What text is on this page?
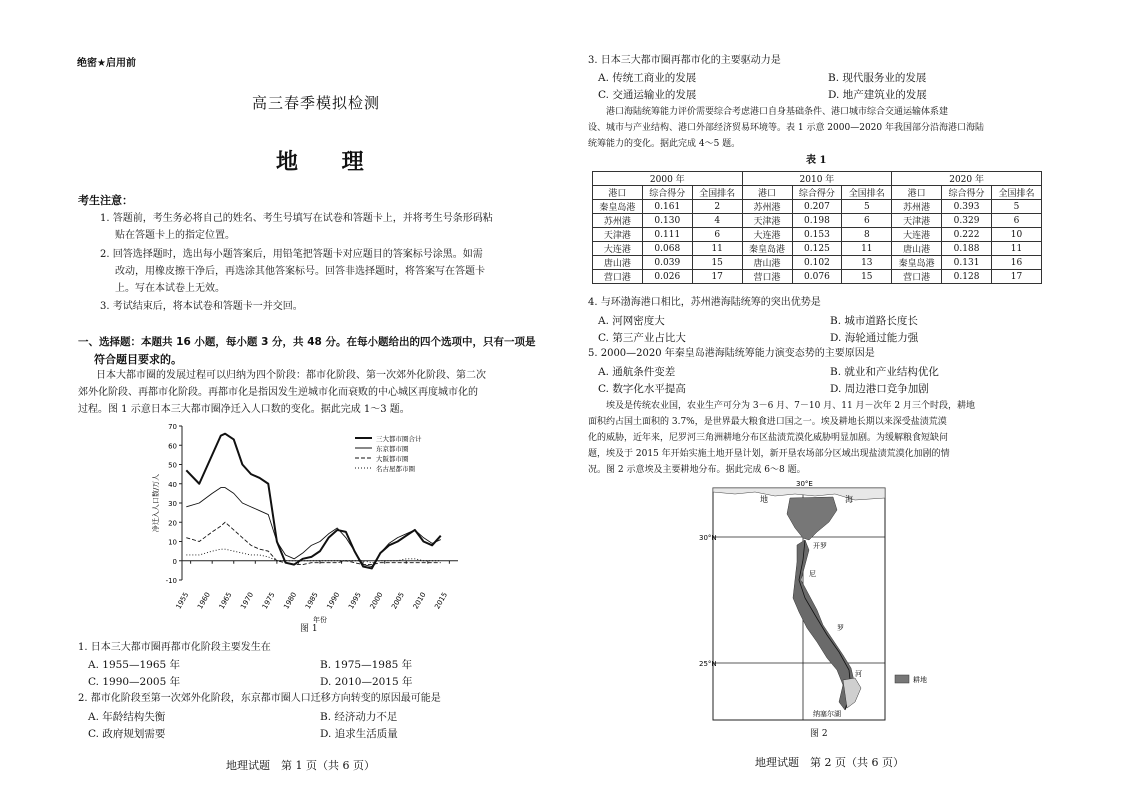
绝密★启用前
高三春季模拟检测
地 理
考生注意：
1. 答题前，考生务必将自己的姓名、考生号填写在试卷和答题卡上，并将考生号条形码粘
贴在答题卡上的指定位置。
2. 回答选择题时，选出每小题答案后，用铅笔把答题卡对应题目的答案标号涂黑。如需
改动，用橡皮擦干净后，再选涂其他答案标号。回答非选择题时，将答案写在答题卡
上。写在本试卷上无效。
3. 考试结束后，将本试卷和答题卡一并交回。
一、选择题：本题共 16 小题，每小题 3 分，共 48 分。在每小题给出的四个选项中，只有一项是
符合题目要求的。
日本大都市圈的发展过程可以归纳为四个阶段：都市化阶段、第一次郊外化阶段、第二次
郊外化阶段、再都市化阶段。再都市化是指因发生逆城市化而衰败的中心城区再度城市化的
过程。图 1 示意日本三大都市圈净迁入人口数的变化。据此完成 1～3 题。
-10
0
10
20
30
40
50
60
70
1955 1960 1965 1970 1975 1980 1985 1990 1995 2000 2005 2010 2015
年份
净迁入人口数/万人
三大都市圈合计
东京都市圈
大阪都市圈
名古屋都市圈
图 1
1. 日本三大都市圈再都市化阶段主要发生在
A. 1955—1965 年	B. 1975—1985 年
C. 1990—2005 年	D. 2010—2015 年
2. 都市化阶段至第一次郊外化阶段，东京都市圈人口迁移方向转变的原因最可能是
A. 年龄结构失衡	B. 经济动力不足
C. 政府规划需要	D. 追求生活质量
地理试题　第 1 页（共 6 页）
3. 日本三大都市圈再都市化的主要驱动力是
A. 传统工商业的发展	B. 现代服务业的发展
C. 交通运输业的发展	D. 地产建筑业的发展
港口海陆统筹能力评价需要综合考虑港口自身基础条件、港口城市综合交通运输体系建
设、城市与产业结构、港口外部经济贸易环境等。表 1 示意 2000—2020 年我国部分沿海港口海陆
统筹能力的变化。据此完成 4～5 题。
表 1
2000 年			2010 年			2020 年		
港口	综合得分	全国排名	港口	综合得分	全国排名	港口	综合得分	全国排名
秦皇岛港	0.161	2	苏州港	0.207	5	苏州港	0.393	5
苏州港	0.130	4	天津港	0.198	6	天津港	0.329	6
天津港	0.111	6	大连港	0.153	8	大连港	0.222	10
大连港	0.068	11	秦皇岛港	0.125	11	唐山港	0.188	11
唐山港	0.039	15	唐山港	0.102	13	秦皇岛港	0.131	16
营口港	0.026	17	营口港	0.076	15	营口港	0.128	17
4. 与环渤海港口相比，苏州港海陆统筹的突出优势是
A. 河网密度大	B. 城市道路长度长
C. 第三产业占比大	D. 海轮通过能力强
5. 2000—2020 年秦皇岛港海陆统筹能力演变态势的主要原因是
A. 通航条件变差	B. 就业和产业结构优化
C. 数字化水平提高	D. 周边港口竞争加剧
埃及是传统农业国，农业生产可分为 3－6 月、7－10 月、11 月－次年 2 月三个时段，耕地
面积约占国土面积的 3.7%，是世界最大粮食进口国之一。埃及耕地长期以来深受盐渍荒漠
化的威胁，近年来，尼罗河三角洲耕地分布区盐渍荒漠化威胁明显加剧。为缓解粮食短缺问
题，埃及于 2015 年开始实施土地开垦计划，新开垦农场部分区域出现盐渍荒漠化加剧的情
况。图 2 示意埃及主要耕地分布。据此完成 6～8 题。
30°E
30°N
25°N
地	海
开罗
尼
罗
河
纳塞尔湖
耕地
图 2
地理试题　第 2 页（共 6 页）
